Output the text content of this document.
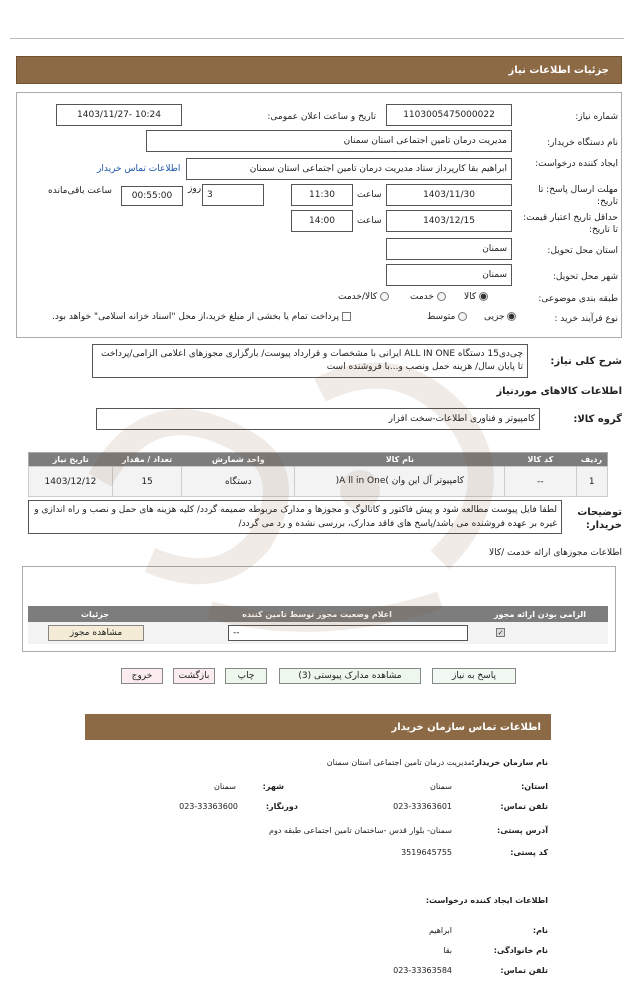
جزئیات اطلاعات نیاز
شماره نیاز:
1103005475000022
تاریخ و ساعت اعلان عمومی:
1403/11/27- 10:24
نام دستگاه خریدار:
مدیریت درمان تامین اجتماعی استان سمنان
ایجاد کننده درخواست:
ابراهیم بقا کارپرداز ستاد مدیریت درمان تامین اجتماعی استان سمنان
اطلاعات تماس خریدار
مهلت ارسال پاسخ: تا تاریخ:
1403/11/30
ساعت
11:30
3
روز
00:55:00
ساعت باقی‌مانده
حداقل تاریخ اعتبار قیمت: تا تاریخ:
1403/12/15
ساعت
14:00
استان محل تحویل:
سمنان
شهر محل تحویل:
سمنان
طبقه بندی موضوعی:
کالا
خدمت
کالا/خدمت
نوع فرآیند خرید :
جزیی
متوسط
پرداخت تمام یا بخشی از مبلغ خرید،از محل "اسناد خزانه اسلامی" خواهد بود.
شرح کلی نیاز:
چی‌دی15 دستگاه ALL IN ONE ایرانی با مشخصات و قرارداد پیوست/ بارگزاری مجوزهای اعلامی الزامی/پرداخت تا پایان سال/ هزینه حمل ونصب و...با فروشنده است
اطلاعات کالاهای موردنیاز
گروه کالا:
کامپیوتر و فناوری اطلاعات-سخت افزار
ردیف	کد کالا	نام کالا	واحد شمارش	تعداد / مقدار	تاریخ نیاز
1	--	کامپیوتر آل این وان )A ll in One(	دستگاه	15	1403/12/12
توضیحات خریدار:
لطفا فایل پیوست مطالعه شود و پیش فاکتور و کاتالوگ و مجوزها و مدارک مربوطه ضمیمه گردد/ کلیه هزینه های حمل و نصب و راه اندازی و غیره بر عهده فروشنده می باشد/پاسخ های فاقد مدارک، بررسی نشده و رد می گردد/
اطلاعات مجوزهای ارائه خدمت /کالا
الزامی بودن ارائه مجوز	اعلام وضعیت مجوز توسط تامین کننده	جزئیات
✓	--	مشاهده مجوز
پاسخ به نیاز
مشاهده مدارک پیوستی (3)
چاپ
بازگشت
خروج
اطلاعات تماس سازمان خریدار
نام سازمان خریدار:
مدیریت درمان تامین اجتماعی استان سمنان
استان:
سمنان
شهر:
سمنان
تلفن تماس:
023-33363601
دورنگار:
023-33363600
آدرس پستی:
سمنان- بلوار قدس -ساختمان تامین اجتماعی طبقه دوم
کد پستی:
3519645755
اطلاعات ایجاد کننده درخواست:
نام:
ابراهیم
نام خانوادگی:
بقا
تلفن تماس:
023-33363584
